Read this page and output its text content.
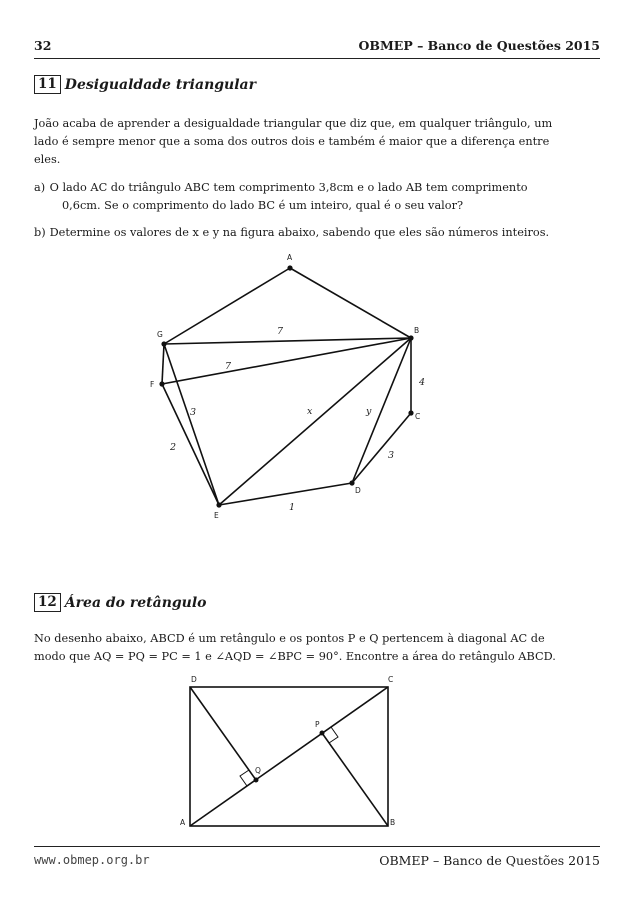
32	OBMEP – Banco de Questões 2015
11 Desigualdade triangular
João acaba de aprender a desigualdade triangular que diz que, em qualquer triângulo, um
lado é sempre menor que a soma dos outros dois e também é maior que a diferença entre
eles.
a) O lado AC do triângulo ABC tem comprimento 3,8cm e o lado AB tem comprimento
0,6cm. Se o comprimento do lado BC é um inteiro, qual é o seu valor?
b) Determine os valores de x e y na figura abaixo, sabendo que eles são números inteiros.
A
B
C
D
E
F
G	7
7
4
3
1
3
2
x	y
12 Área do retângulo
No desenho abaixo, ABCD é um retângulo e os pontos P e Q pertencem à diagonal AC de
modo que AQ = PQ = PC = 1 e ∠AQD = ∠BPC = 90°. Encontre a área do retângulo ABCD.
D	C
P
Q
A	B
www.obmep.org.br	OBMEP – Banco de Questões 2015
